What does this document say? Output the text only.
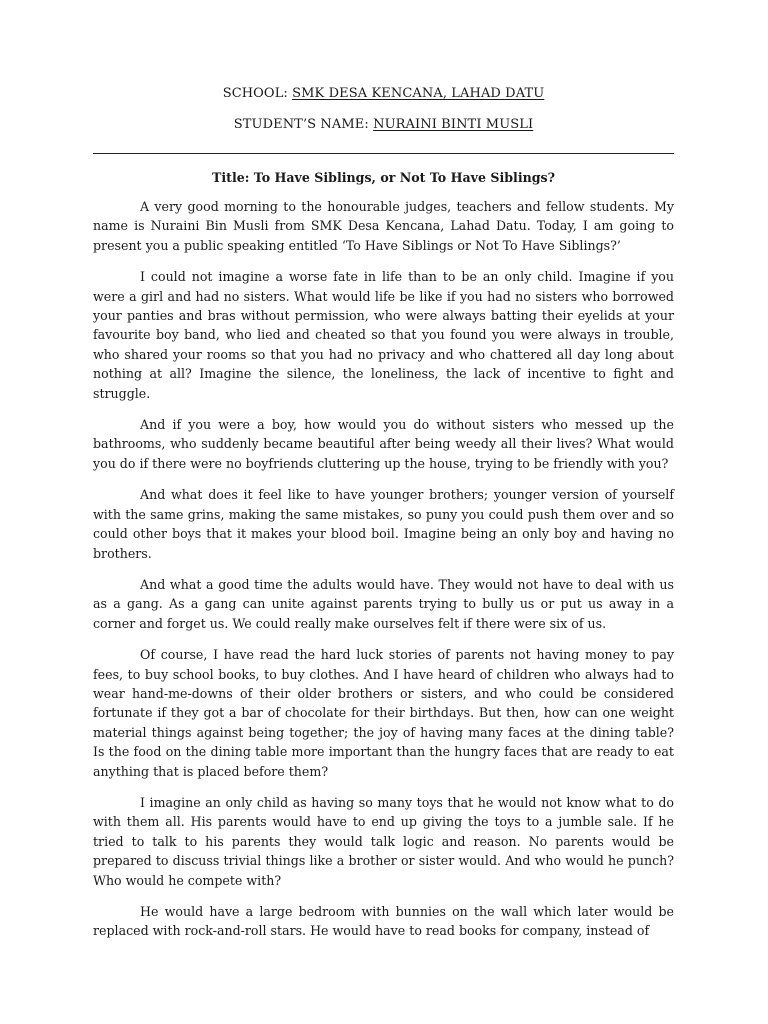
SCHOOL: SMK DESA KENCANA, LAHAD DATU

STUDENT’S NAME: NURAINI BINTI MUSLI

Title: To Have Siblings, or Not To Have Siblings?

A very good morning to the honourable judges, teachers and fellow students. My name is Nuraini Bin Musli from SMK Desa Kencana, Lahad Datu. Today, I am going to present you a public speaking entitled ‘To Have Siblings or Not To Have Siblings?’

I could not imagine a worse fate in life than to be an only child. Imagine if you were a girl and had no sisters. What would life be like if you had no sisters who borrowed your panties and bras without permission, who were always batting their eyelids at your favourite boy band, who lied and cheated so that you found you were always in trouble, who shared your rooms so that you had no privacy and who chattered all day long about nothing at all? Imagine the silence, the loneliness, the lack of incentive to fight and struggle.

And if you were a boy, how would you do without sisters who messed up the bathrooms, who suddenly became beautiful after being weedy all their lives? What would you do if there were no boyfriends cluttering up the house, trying to be friendly with you?

And what does it feel like to have younger brothers; younger version of yourself with the same grins, making the same mistakes, so puny you could push them over and so could other boys that it makes your blood boil. Imagine being an only boy and having no brothers.

And what a good time the adults would have. They would not have to deal with us as a gang. As a gang can unite against parents trying to bully us or put us away in a corner and forget us. We could really make ourselves felt if there were six of us.

Of course, I have read the hard luck stories of parents not having money to pay fees, to buy school books, to buy clothes. And I have heard of children who always had to wear hand-me-downs of their older brothers or sisters, and who could be considered fortunate if they got a bar of chocolate for their birthdays. But then, how can one weight material things against being together; the joy of having many faces at the dining table? Is the food on the dining table more important than the hungry faces that are ready to eat anything that is placed before them?

I imagine an only child as having so many toys that he would not know what to do with them all. His parents would have to end up giving the toys to a jumble sale. If he tried to talk to his parents they would talk logic and reason. No parents would be prepared to discuss trivial things like a brother or sister would. And who would he punch? Who would he compete with?

He would have a large bedroom with bunnies on the wall which later would be replaced with rock-and-roll stars. He would have to read books for company, instead of
